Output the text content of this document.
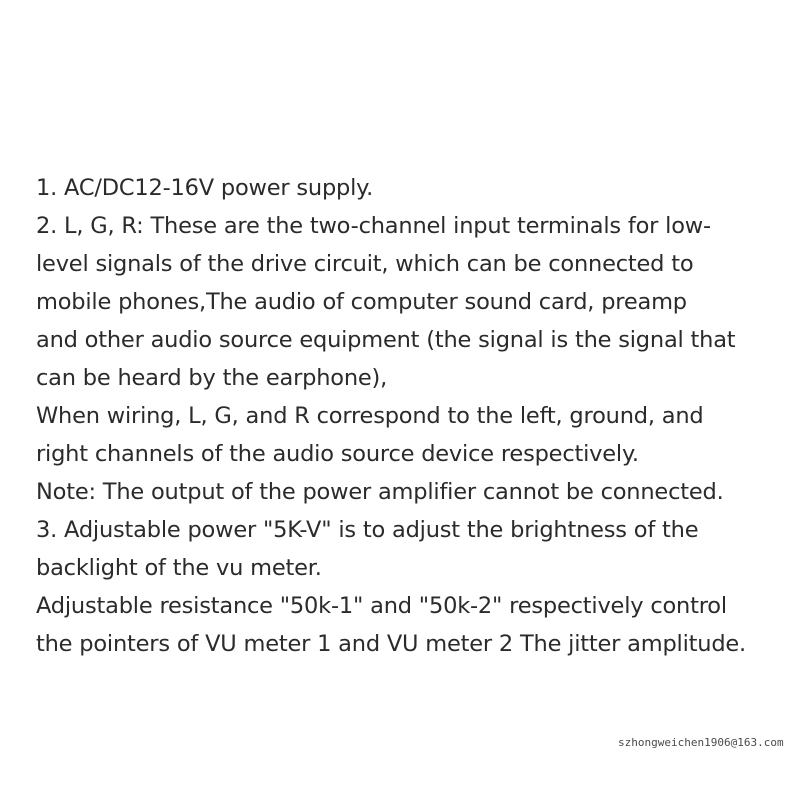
1. AC/DC12-16V power supply.
2. L, G, R: These are the two-channel input terminals for low-
level signals of the drive circuit, which can be connected to
mobile phones,The audio of computer sound card, preamp
and other audio source equipment (the signal is the signal that
can be heard by the earphone),
When wiring, L, G, and R correspond to the left, ground, and
right channels of the audio source device respectively.
Note: The output of the power amplifier cannot be connected.
3. Adjustable power "5K-V" is to adjust the brightness of the
backlight of the vu meter.
Adjustable resistance "50k-1" and "50k-2" respectively control
the pointers of VU meter 1 and VU meter 2 The jitter amplitude.
szhongweichen1906@163.com
